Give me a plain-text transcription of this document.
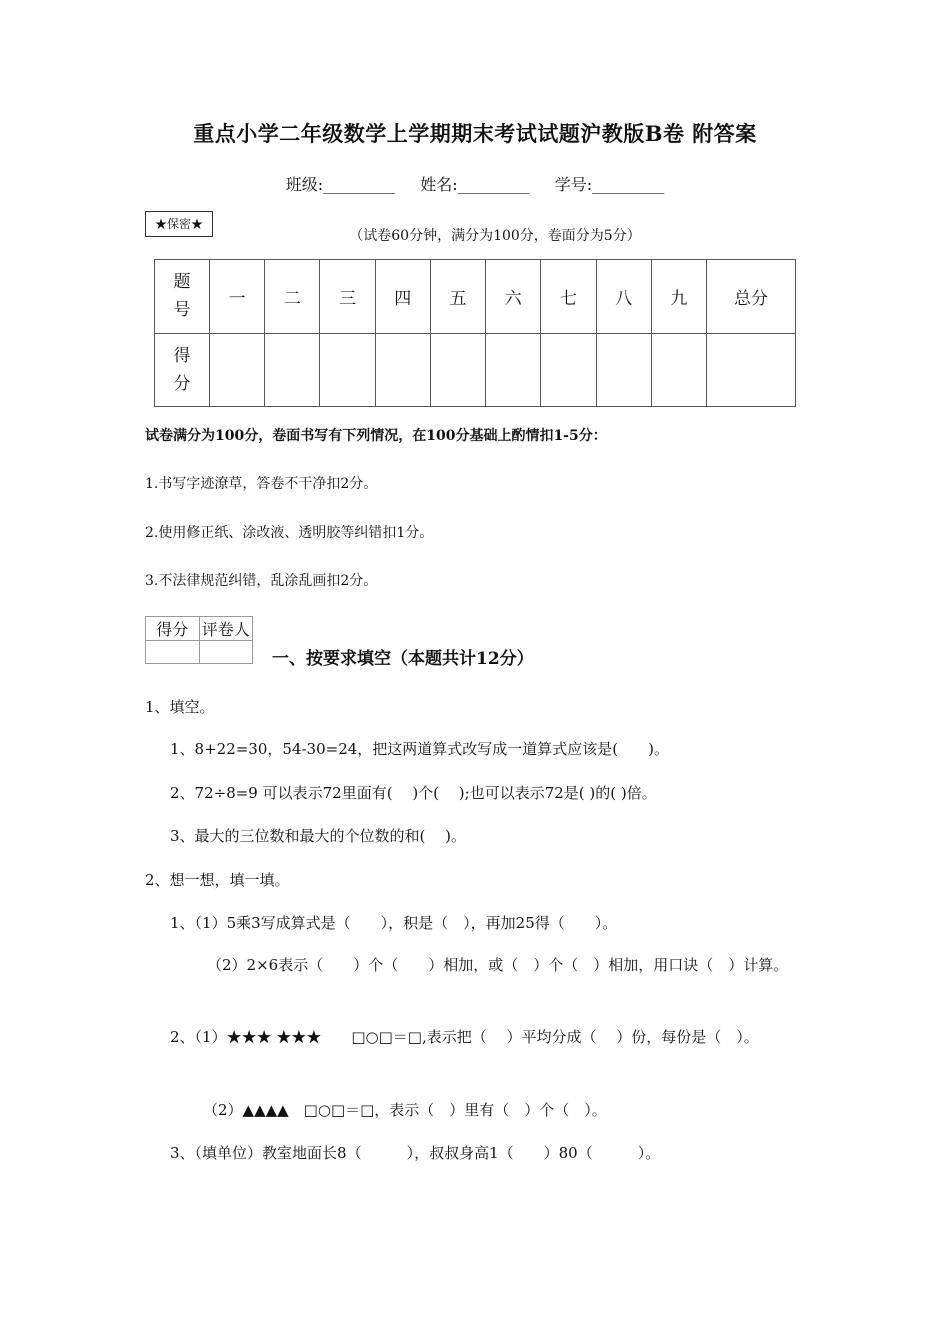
重点小学二年级数学上学期期末考试试题沪教版B卷 附答案
班级:_________ 姓名:_________ 学号:_________
★保密★
（试卷60分钟，满分为100分，卷面分为5分）
题
号	一	二	三	四	五	六	七	八	九	总分

得
分										

试卷满分为100分，卷面书写有下列情况，在100分基础上酌情扣1-5分：
1.书写字迹潦草，答卷不干净扣2分。
2.使用修正纸、涂改液、透明胶等纠错扣1分。
3.不法律规范纠错，乱涂乱画扣2分。
得分	评卷人

一、按要求填空（本题共计12分）
1、填空。
1、8+22=30，54-30=24，把这两道算式改写成一道算式应该是(　　)。
2、72÷8=9 可以表示72里面有(　 )个(　 );也可以表示72是( )的( )倍。
3、最大的三位数和最大的个位数的和(　 )。
2、想一想，填一填。
1、（1）5乘3写成算式是（　　），积是（　），再加25得（　　）。
（2）2×6表示（　　）个（　　）相加，或（　）个（　）相加，用口诀（　）计算。
2、（1）★★★ ★★★　　□○□＝□,表示把（　 ）平均分成（　 ）份，每份是（　）。
（2）▲▲▲▲　□○□＝□，表示（　）里有（　）个（　）。
3、（填单位）教室地面长8（　　　），叔叔身高1（　　）80（　　　）。
